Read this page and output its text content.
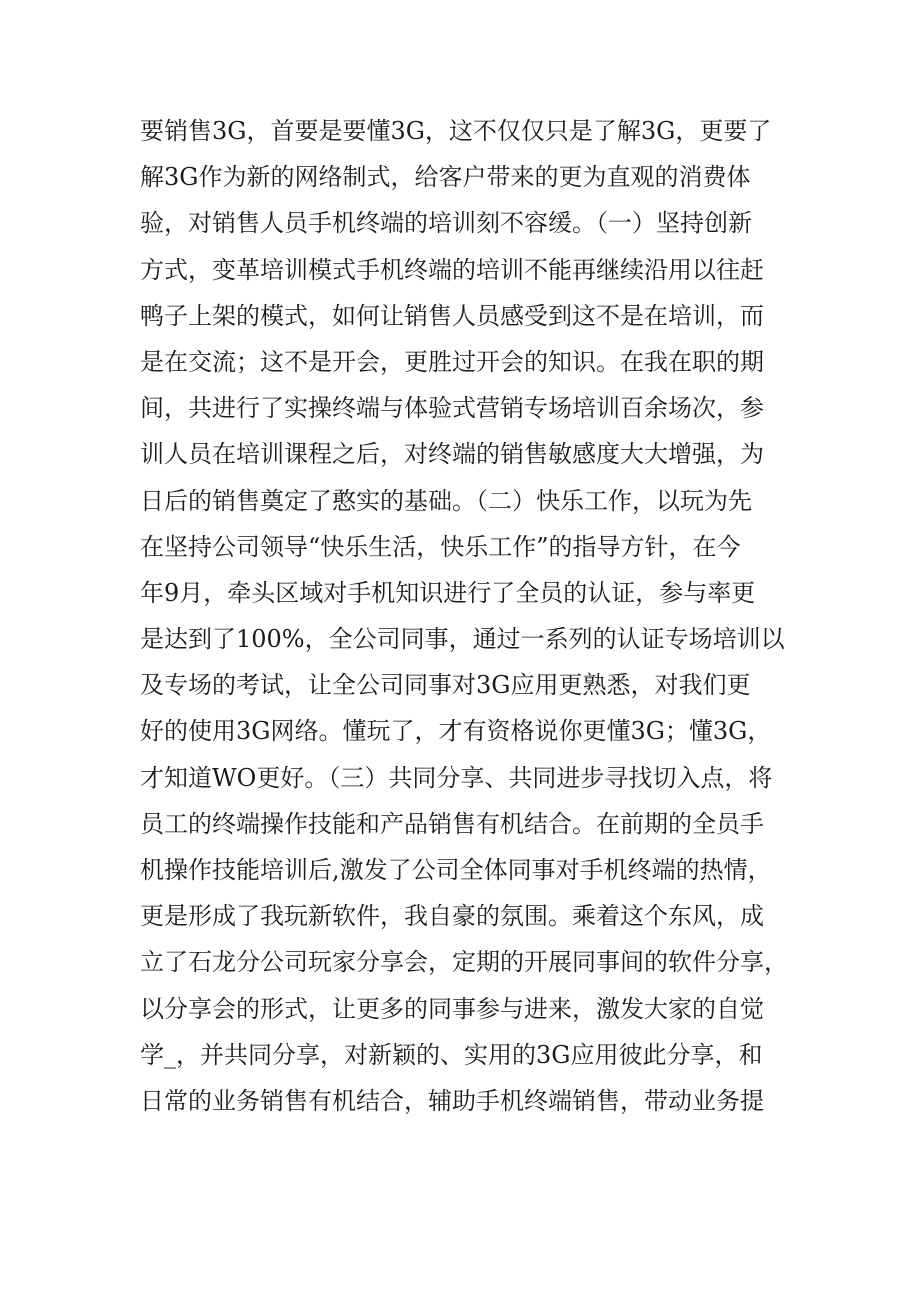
要销售3G，首要是要懂3G，这不仅仅只是了解3G，更要了
解3G作为新的网络制式，给客户带来的更为直观的消费体
验，对销售人员手机终端的培训刻不容缓。（一）坚持创新
方式，变革培训模式手机终端的培训不能再继续沿用以往赶
鸭子上架的模式，如何让销售人员感受到这不是在培训，而
是在交流；这不是开会，更胜过开会的知识。在我在职的期
间，共进行了实操终端与体验式营销专场培训百余场次，参
训人员在培训课程之后，对终端的销售敏感度大大增强，为
日后的销售奠定了憨实的基础。（二）快乐工作，以玩为先
在坚持公司领导“快乐生活，快乐工作”的指导方针，在今
年9月，牵头区域对手机知识进行了全员的认证，参与率更
是达到了100%，全公司同事，通过一系列的认证专场培训以
及专场的考试，让全公司同事对3G应用更熟悉，对我们更
好的使用3G网络。懂玩了，才有资格说你更懂3G；懂3G，
才知道WO更好。（三）共同分享、共同进步寻找切入点，将
员工的终端操作技能和产品销售有机结合。在前期的全员手
机操作技能培训后,激发了公司全体同事对手机终端的热情，
更是形成了我玩新软件，我自豪的氛围。乘着这个东风，成
立了石龙分公司玩家分享会，定期的开展同事间的软件分享，
以分享会的形式，让更多的同事参与进来，激发大家的自觉
学_，并共同分享，对新颖的、实用的3G应用彼此分享，和
日常的业务销售有机结合，辅助手机终端销售，带动业务提
